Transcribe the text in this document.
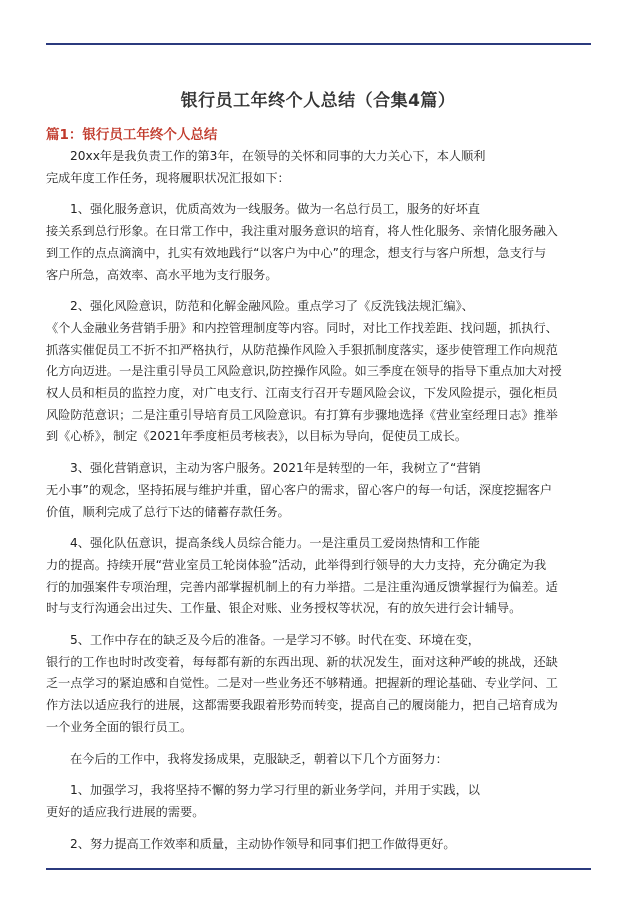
银行员工年终个人总结（合集4篇）
篇1：银行员工年终个人总结
20xx年是我负责工作的第3年，在领导的关怀和同事的大力关心下，本人顺利
完成年度工作任务，现将履职状况汇报如下：
1、强化服务意识，优质高效为一线服务。做为一名总行员工，服务的好坏直
接关系到总行形象。在日常工作中，我注重对服务意识的培育，将人性化服务、亲情化服务融入
到工作的点点滴滴中，扎实有效地践行“以客户为中心”的理念，想支行与客户所想，急支行与
客户所急，高效率、高水平地为支行服务。
2、强化风险意识，防范和化解金融风险。重点学习了《反洗钱法规汇编》、
《个人金融业务营销手册》和内控管理制度等内容。同时，对比工作找差距、找问题，抓执行、
抓落实催促员工不折不扣严格执行，从防范操作风险入手狠抓制度落实，逐步使管理工作向规范
化方向迈进。一是注重引导员工风险意识,防控操作风险。如三季度在领导的指导下重点加大对授
权人员和柜员的监控力度，对广电支行、江南支行召开专题风险会议，下发风险提示，强化柜员
风险防范意识；二是注重引导培育员工风险意识。有打算有步骤地选择《营业室经理日志》推举
到《心桥》，制定《2021年季度柜员考核表》，以目标为导向，促使员工成长。
3、强化营销意识，主动为客户服务。2021年是转型的一年，我树立了“营销
无小事”的观念，坚持拓展与维护并重，留心客户的需求，留心客户的每一句话，深度挖掘客户
价值，顺利完成了总行下达的储蓄存款任务。
4、强化队伍意识，提高条线人员综合能力。一是注重员工爱岗热情和工作能
力的提高。持续开展“营业室员工轮岗体验”活动，此举得到行领导的大力支持，充分确定为我
行的加强案件专项治理，完善内部掌握机制上的有力举措。二是注重沟通反馈掌握行为偏差。适
时与支行沟通会出过失、工作量、银企对账、业务授权等状况，有的放矢进行会计辅导。
5、工作中存在的缺乏及今后的准备。一是学习不够。时代在变、环境在变，
银行的工作也时时改变着，每每都有新的东西出现、新的状况发生，面对这种严峻的挑战，还缺
乏一点学习的紧迫感和自觉性。二是对一些业务还不够精通。把握新的理论基础、专业学问、工
作方法以适应我行的进展，这都需要我跟着形势而转变，提高自己的履岗能力，把自己培育成为
一个业务全面的银行员工。
在今后的工作中，我将发扬成果，克服缺乏，朝着以下几个方面努力：
1、加强学习，我将坚持不懈的努力学习行里的新业务学问，并用于实践，以
更好的适应我行进展的需要。
2、努力提高工作效率和质量，主动协作领导和同事们把工作做得更好。
